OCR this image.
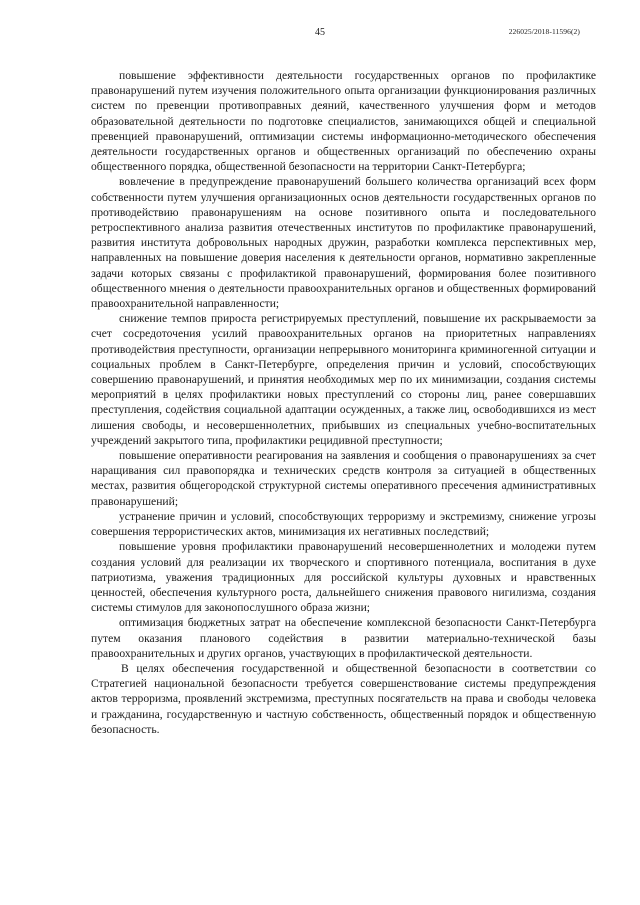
45	226025/2018-11596(2)

повышение эффективности деятельности государственных органов по профилактике правонарушений путем изучения положительного опыта организации функционирования различных систем по превенции противоправных деяний, качественного улучшения форм и методов образовательной деятельности по подготовке специалистов, занимающихся общей и специальной превенцией правонарушений, оптимизации системы информационно-методического обеспечения деятельности государственных органов и общественных организаций по обеспечению охраны общественного порядка, общественной безопасности на территории Санкт-Петербурга;

вовлечение в предупреждение правонарушений большего количества организаций всех форм собственности путем улучшения организационных основ деятельности государственных органов по противодействию правонарушениям на основе позитивного опыта и последовательного ретроспективного анализа развития отечественных институтов по профилактике правонарушений, развития института добровольных народных дружин, разработки комплекса перспективных мер, направленных на повышение доверия населения к деятельности органов, нормативно закрепленные задачи которых связаны с профилактикой правонарушений, формирования более позитивного общественного мнения о деятельности правоохранительных органов и общественных формирований правоохранительной направленности;

снижение темпов прироста регистрируемых преступлений, повышение их раскрываемости за счет сосредоточения усилий правоохранительных органов на приоритетных направлениях противодействия преступности, организации непрерывного мониторинга криминогенной ситуации и социальных проблем в Санкт-Петербурге, определения причин и условий, способствующих совершению правонарушений, и принятия необходимых мер по их минимизации, создания системы мероприятий в целях профилактики новых преступлений со стороны лиц, ранее совершавших преступления, содействия социальной адаптации осужденных, а также лиц, освободившихся из мест лишения свободы, и несовершеннолетних, прибывших из специальных учебно-воспитательных учреждений закрытого типа, профилактики рецидивной преступности;

повышение оперативности реагирования на заявления и сообщения о правонарушениях за счет наращивания сил правопорядка и технических средств контроля за ситуацией в общественных местах, развития общегородской структурной системы оперативного пресечения административных правонарушений;

устранение причин и условий, способствующих терроризму и экстремизму, снижение угрозы совершения террористических актов, минимизация их негативных последствий;

повышение уровня профилактики правонарушений несовершеннолетних и молодежи путем создания условий для реализации их творческого и спортивного потенциала, воспитания в духе патриотизма, уважения традиционных для российской культуры духовных и нравственных ценностей, обеспечения культурного роста, дальнейшего снижения правового нигилизма, создания системы стимулов для законопослушного образа жизни;

оптимизация бюджетных затрат на обеспечение комплексной безопасности Санкт-Петербурга путем оказания планового содействия в развитии материально-технической базы правоохранительных и других органов, участвующих в профилактической деятельности.

В целях обеспечения государственной и общественной безопасности в соответствии со Стратегией национальной безопасности требуется совершенствование системы предупреждения актов терроризма, проявлений экстремизма, преступных посягательств на права и свободы человека и гражданина, государственную и частную собственность, общественный порядок и общественную безопасность.
